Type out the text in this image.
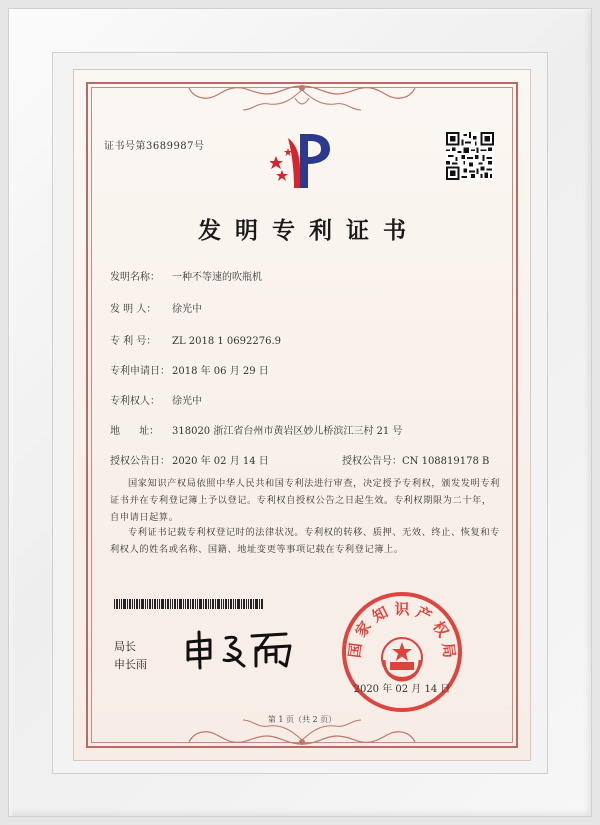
证书号第3689987号
发明专利证书
发明名称： 一种不等速的吹瓶机
发 明 人： 徐光中
专 利 号： ZL 2018 1 0692276.9
专利申请日： 2018 年 06 月 29 日
专利权人： 徐光中
地      址： 318020 浙江省台州市黄岩区妙儿桥滨江三村 21 号
授权公告日： 2020 年 02 月 14 日	授权公告号：CN 108819178 B
国家知识产权局依照中华人民共和国专利法进行审查，决定授予专利权，颁发发明专利证书并在专利登记簿上予以登记。专利权自授权公告之日起生效。专利权期限为二十年，自申请日起算。
专利证书记载专利权登记时的法律状况。专利权的转移、质押、无效、终止、恢复和专利权人的姓名或名称、国籍、地址变更等事项记载在专利登记簿上。
局长
申长雨
国 家 知 识 产 权 局
2020 年 02 月 14 日
第 1 页（共 2 页）
